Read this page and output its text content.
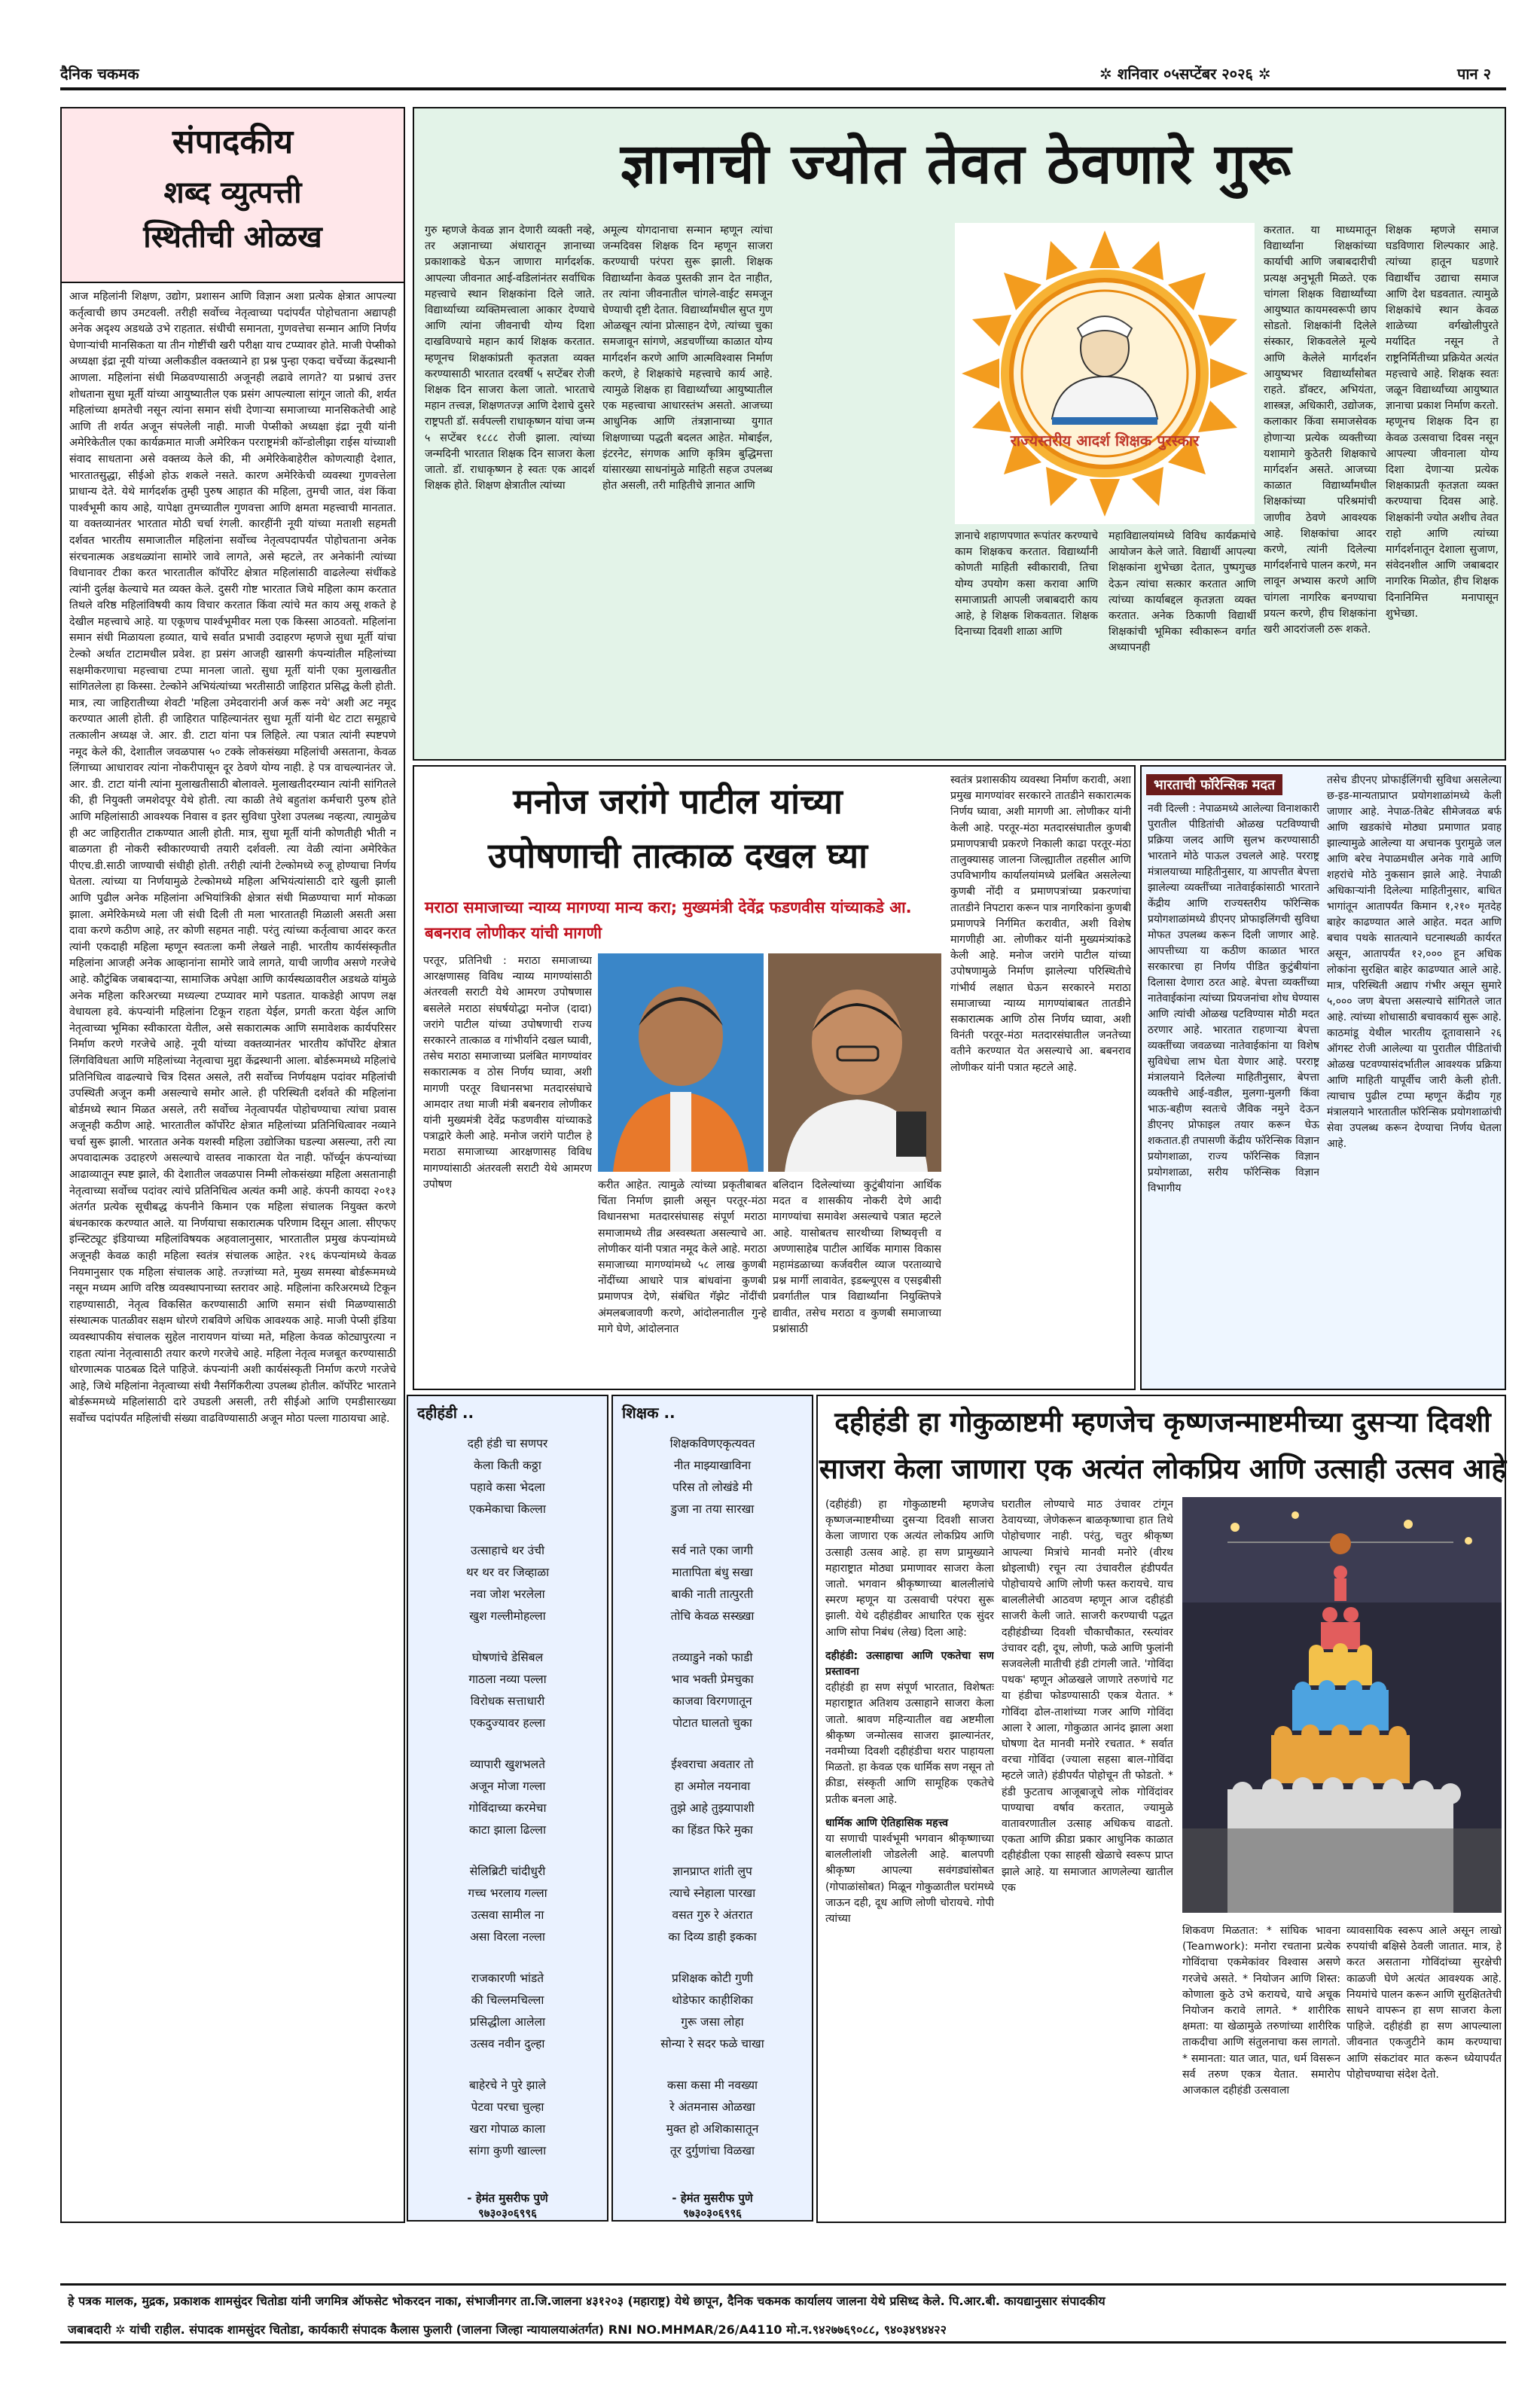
दैनिक चकमक	✲ शनिवार ०५सप्टेंबर २०२६ ✲	पान २
संपादकीय
शब्द व्युत्पत्ती
स्थितीची ओळख

आज महिलांनी शिक्षण, उद्योग, प्रशासन आणि विज्ञान अशा प्रत्येक क्षेत्रात आपल्या कर्तृत्वाची छाप उमटवली. तरीही सर्वोच्च नेतृत्वाच्या पदांपर्यंत पोहोचताना अद्यापही अनेक अदृश्य अडथळे उभे राहतात. संधीची समानता, गुणवत्तेचा सन्मान आणि निर्णय घेणाऱ्यांची मानसिकता या तीन गोष्टींची खरी परीक्षा याच टप्प्यावर होते. माजी पेप्सीको अध्यक्षा इंद्रा नूयी यांच्या अलीकडील वक्तव्याने हा प्रश्न पुन्हा एकदा चर्चेच्या केंद्रस्थानी आणला. महिलांना संधी मिळवण्यासाठी अजूनही लढावे लागते? या प्रश्नाचं उत्तर शोधताना सुधा मूर्ती यांच्या आयुष्यातील एक प्रसंग आपल्याला सांगून जातो की, शर्यत महिलांच्या क्षमतेची नसून त्यांना समान संधी देणाऱ्या समाजाच्या मानसिकतेची आहे आणि ती शर्यत अजून संपलेली नाही. माजी पेप्सीको अध्यक्षा इंद्रा नूयी यांनी अमेरिकेतील एका कार्यक्रमात माजी अमेरिकन परराष्ट्रमंत्री कॉन्डोलीझा राईस यांच्याशी संवाद साधताना असे वक्तव्य केले की, मी अमेरिकेबाहेरील कोणत्याही देशात, भारतातसुद्धा, सीईओ होऊ शकले नसते. कारण अमेरिकेची व्यवस्था गुणवत्तेला प्राधान्य देते. येथे मार्गदर्शक तुम्ही पुरुष आहात की महिला, तुमची जात, वंश किंवा पार्श्वभूमी काय आहे, यापेक्षा तुमच्यातील गुणवत्ता आणि क्षमता महत्त्वाची मानतात. या वक्तव्यानंतर भारतात मोठी चर्चा रंगली. कारहींनी नूयी यांच्या मताशी सहमती दर्शवत भारतीय समाजातील महिलांना सर्वोच्च नेतृत्वपदापर्यंत पोहोचताना अनेक संरचनात्मक अडथळ्यांना सामोरे जावे लागते, असे म्हटले, तर अनेकांनी त्यांच्या विधानावर टीका करत भारतातील कॉर्पोरेट क्षेत्रात महिलांसाठी वाढलेल्या संधींकडे त्यांनी दुर्लक्ष केल्याचे मत व्यक्त केले. दुसरी गोष्ट भारतात जिथे महिला काम करतात तिथले वरिष्ठ महिलांविषयी काय विचार करतात किंवा त्यांचे मत काय असू शकते हे देखील महत्त्वाचे आहे. या एकूणच पार्श्वभूमीवर मला एक किस्सा आठवतो. महिलांना समान संधी मिळायला हव्यात, याचे सर्वात प्रभावी उदाहरण म्हणजे सुधा मूर्ती यांचा टेल्को अर्थात टाटामधील प्रवेश. हा प्रसंग आजही खासगी कंपन्यांतील महिलांच्या सक्षमीकरणाचा महत्त्वाचा टप्पा मानला जातो. सुधा मूर्ती यांनी एका मुलाखतीत सांगितलेला हा किस्सा. टेल्कोने अभियंत्यांच्या भरतीसाठी जाहिरात प्रसिद्ध केली होती. मात्र, त्या जाहिरातीच्या शेवटी 'महिला उमेदवारांनी अर्ज करू नये' अशी अट नमूद करण्यात आली होती. ही जाहिरात पाहिल्यानंतर सुधा मूर्ती यांनी थेट टाटा समूहाचे तत्कालीन अध्यक्ष जे. आर. डी. टाटा यांना पत्र लिहिले. त्या पत्रात त्यांनी स्पष्टपणे नमूद केले की, देशातील जवळपास ५० टक्के लोकसंख्या महिलांची असताना, केवळ लिंगाच्या आधारावर त्यांना नोकरीपासून दूर ठेवणे योग्य नाही. हे पत्र वाचल्यानंतर जे. आर. डी. टाटा यांनी त्यांना मुलाखतीसाठी बोलावले. मुलाखतीदरम्यान त्यांनी सांगितले की, ही नियुक्ती जमशेदपूर येथे होती. त्या काळी तेथे बहुतांश कर्मचारी पुरुष होते आणि महिलांसाठी आवश्यक निवास व इतर सुविधा पुरेशा उपलब्ध नव्हत्या, त्यामुळेच ही अट जाहिरातीत टाकण्यात आली होती. मात्र, सुधा मूर्ती यांनी कोणतीही भीती न बाळगता ही नोकरी स्वीकारण्याची तयारी दर्शवली. त्या वेळी त्यांना अमेरिकेत पीएच.डी.साठी जाण्याची संधीही होती. तरीही त्यांनी टेल्कोमध्ये रुजू होण्याचा निर्णय घेतला. त्यांच्या या निर्णयामुळे टेल्कोमध्ये महिला अभियंत्यांसाठी दारे खुली झाली आणि पुढील अनेक महिलांना अभियांत्रिकी क्षेत्रात संधी मिळण्याचा मार्ग मोकळा झाला. अमेरिकेमध्ये मला जी संधी दिली ती मला भारतातही मिळाली असती असा दावा करणे कठीण आहे, तर कोणी सहमत नाही. परंतु त्यांच्या कर्तृत्वाचा आदर करत त्यांनी एकदाही महिला म्हणून स्वतःला कमी लेखले नाही. भारतीय कार्यसंस्कृतीत महिलांना आजही अनेक आव्हानांना सामोरे जावे लागते, याची जाणीव असणे गरजेचे आहे. कौटुंबिक जबाबदाऱ्या, सामाजिक अपेक्षा आणि कार्यस्थळावरील अडथळे यांमुळे अनेक महिला करिअरच्या मध्यल्या टप्प्यावर मागे पडतात. याकडेही आपण लक्ष वेधायला हवे. कंपन्यांनी महिलांना टिकून राहता येईल, प्रगती करता येईल आणि नेतृत्वाच्या भूमिका स्वीकारता येतील, असे सकारात्मक आणि समावेशक कार्यपरिसर निर्माण करणे गरजेचे आहे. नूयी यांच्या वक्तव्यानंतर भारतीय कॉर्पोरेट क्षेत्रात लिंगविविधता आणि महिलांच्या नेतृत्वाचा मुद्दा केंद्रस्थानी आला. बोर्डरूममध्ये महिलांचे प्रतिनिधित्व वाढल्याचे चित्र दिसत असले, तरी सर्वोच्च निर्णयक्षम पदांवर महिलांची उपस्थिती अजून कमी असल्याचे समोर आले. ही परिस्थिती दर्शवते की महिलांना बोर्डमध्ये स्थान मिळत असले, तरी सर्वोच्च नेतृत्वापर्यंत पोहोचण्याचा त्यांचा प्रवास अजूनही कठीण आहे. भारतातील कॉर्पोरेट क्षेत्रात महिलांच्या प्रतिनिधित्वावर नव्याने चर्चा सुरू झाली. भारतात अनेक यशस्वी महिला उद्योजिका घडल्या असल्या, तरी त्या अपवादात्मक उदाहरणे असल्याचे वास्तव नाकारता येत नाही. फॉर्च्यून कंपन्यांच्या आढाव्यातून स्पष्ट झाले, की देशातील जवळपास निम्मी लोकसंख्या महिला असतानाही नेतृत्वाच्या सर्वोच्च पदांवर त्यांचे प्रतिनिधित्व अत्यंत कमी आहे. कंपनी कायदा २०१३ अंतर्गत प्रत्येक सूचीबद्ध कंपनीने किमान एक महिला संचालक नियुक्त करणे बंधनकारक करण्यात आले. या निर्णयाचा सकारात्मक परिणाम दिसून आला. सीएफए इन्स्टिट्यूट इंडियाच्या महिलांविषयक अहवालानुसार, भारतातील प्रमुख कंपन्यांमध्ये अजूनही केवळ काही महिला स्वतंत्र संचालक आहेत. २१६ कंपन्यांमध्ये केवळ नियमानुसार एक महिला संचालक आहे. तज्ज्ञांच्या मते, मुख्य समस्या बोर्डरूममध्ये नसून मध्यम आणि वरिष्ठ व्यवस्थापनाच्या स्तरावर आहे. महिलांना करिअरमध्ये टिकून राहण्यासाठी, नेतृत्व विकसित करण्यासाठी आणि समान संधी मिळण्यासाठी संस्थात्मक पातळीवर सक्षम धोरणे राबविणे अधिक आवश्यक आहे. माजी पेप्सी इंडिया व्यवस्थापकीय संचालक सुहेल नारायणन यांच्या मते, महिला केवळ कोट्यापुरत्या न राहता त्यांना नेतृत्वासाठी तयार करणे गरजेचे आहे. महिला नेतृत्व मजबूत करण्यासाठी धोरणात्मक पाठबळ दिले पाहिजे. कंपन्यांनी अशी कार्यसंस्कृती निर्माण करणे गरजेचे आहे, जिथे महिलांना नेतृत्वाच्या संधी नैसर्गिकरीत्या उपलब्ध होतील. कॉर्पोरेट भारताने बोर्डरूममध्ये महिलांसाठी दारे उघडली असली, तरी सीईओ आणि एमडीसारख्या सर्वोच्च पदांपर्यंत महिलांची संख्या वाढविण्यासाठी अजून मोठा पल्ला गाठायचा आहे.

ज्ञानाची ज्योत तेवत ठेवणारे गुरू

गुरु म्हणजे केवळ ज्ञान देणारी व्यक्ती नव्हे, तर अज्ञानाच्या अंधारातून ज्ञानाच्या प्रकाशाकडे घेऊन जाणारा मार्गदर्शक. आपल्या जीवनात आई-वडिलांनंतर सर्वाधिक महत्त्वाचे स्थान शिक्षकांना दिले जाते. विद्यार्थ्याच्या व्यक्तिमत्त्वाला आकार देण्याचे आणि त्यांना जीवनाची योग्य दिशा दाखविण्याचे महान कार्य शिक्षक करतात. म्हणूनच शिक्षकांप्रती कृतज्ञता व्यक्त करण्यासाठी भारतात दरवर्षी ५ सप्टेंबर रोजी शिक्षक दिन साजरा केला जातो. भारताचे महान तत्त्वज्ञ, शिक्षणतज्ज्ञ आणि देशाचे दुसरे राष्ट्रपती डॉ. सर्वपल्ली राधाकृष्णन यांचा जन्म ५ सप्टेंबर १८८८ रोजी झाला. त्यांच्या जन्मदिनी भारतात शिक्षक दिन साजरा केला जातो. डॉ. राधाकृष्णन हे स्वतः एक आदर्श शिक्षक होते. शिक्षण क्षेत्रातील त्यांच्या

अमूल्य योगदानाचा सन्मान म्हणून त्यांचा जन्मदिवस शिक्षक दिन म्हणून साजरा करण्याची परंपरा सुरू झाली. शिक्षक विद्यार्थ्यांना केवळ पुस्तकी ज्ञान देत नाहीत, तर त्यांना जीवनातील चांगले-वाईट समजून घेण्याची दृष्टी देतात. विद्यार्थ्यांमधील सुप्त गुण ओळखून त्यांना प्रोत्साहन देणे, त्यांच्या चुका समजावून सांगणे, अडचणींच्या काळात योग्य मार्गदर्शन करणे आणि आत्मविश्वास निर्माण करणे, हे शिक्षकांचे महत्त्वाचे कार्य आहे. त्यामुळे शिक्षक हा विद्यार्थ्यांच्या आयुष्यातील एक महत्त्वाचा आधारस्तंभ असतो. आजच्या आधुनिक आणि तंत्रज्ञानाच्या युगात शिक्षणाच्या पद्धती बदलत आहेत. मोबाईल, इंटरनेट, संगणक आणि कृत्रिम बुद्धिमत्ता यांसारख्या साधनांमुळे माहिती सहज उपलब्ध होत असली, तरी माहितीचे ज्ञानात आणि

राज्यस्तरीय आदर्श शिक्षक पुरस्कार

ज्ञानाचे शहाणपणात रूपांतर करण्याचे काम शिक्षकच करतात. विद्यार्थ्यांनी कोणती माहिती स्वीकारावी, तिचा योग्य उपयोग कसा करावा आणि समाजाप्रती आपली जबाबदारी काय आहे, हे शिक्षक शिकवतात. शिक्षक दिनाच्या दिवशी शाळा आणि

महाविद्यालयांमध्ये विविध कार्यक्रमांचे आयोजन केले जाते. विद्यार्थी आपल्या शिक्षकांना शुभेच्छा देतात, पुष्पगुच्छ देऊन त्यांचा सत्कार करतात आणि त्यांच्या कार्याबद्दल कृतज्ञता व्यक्त करतात. अनेक ठिकाणी विद्यार्थी शिक्षकांची भूमिका स्वीकारून वर्गात अध्यापनही

करतात. या माध्यमातून विद्यार्थ्यांना शिक्षकांच्या कार्याची आणि जबाबदारीची प्रत्यक्ष अनुभूती मिळते. एक चांगला शिक्षक विद्यार्थ्यांच्या आयुष्यात कायमस्वरूपी छाप सोडतो. शिक्षकांनी दिलेले संस्कार, शिकवलेले मूल्ये आणि केलेले मार्गदर्शन आयुष्यभर विद्यार्थ्यांसोबत राहते. डॉक्टर, अभियंता, शास्त्रज्ञ, अधिकारी, उद्योजक, कलाकार किंवा समाजसेवक होणाऱ्या प्रत्येक व्यक्तीच्या यशामागे कुठेतरी शिक्षकाचे मार्गदर्शन असते. आजच्या काळात विद्यार्थ्यांमधील शिक्षकांच्या परिश्रमांची जाणीव ठेवणे आवश्यक आहे. शिक्षकांचा आदर करणे, त्यांनी दिलेल्या मार्गदर्शनाचे पालन करणे, मन लावून अभ्यास करणे आणि चांगला नागरिक बनण्याचा प्रयत्न करणे, हीच शिक्षकांना खरी आदरांजली ठरू शकते.

शिक्षक म्हणजे समाज घडविणारा शिल्पकार आहे. त्यांच्या हातून घडणारे विद्यार्थीच उद्याचा समाज आणि देश घडवतात. त्यामुळे शिक्षकांचे स्थान केवळ शाळेच्या वर्गखोलीपुरते मर्यादित नसून ते राष्ट्रनिर्मितीच्या प्रक्रियेत अत्यंत महत्त्वाचे आहे. शिक्षक स्वतः जळून विद्यार्थ्यांच्या आयुष्यात ज्ञानाचा प्रकाश निर्माण करतो. म्हणूनच शिक्षक दिन हा केवळ उत्सवाचा दिवस नसून आपल्या जीवनाला योग्य दिशा देणाऱ्या प्रत्येक शिक्षकाप्रती कृतज्ञता व्यक्त करण्याचा दिवस आहे. शिक्षकांनी ज्योत अशीच तेवत राहो आणि त्यांच्या मार्गदर्शनातून देशाला सुजाण, संवेदनशील आणि जबाबदार नागरिक मिळोत, हीच शिक्षक दिनानिमित्त मनापासून शुभेच्छा.

मनोज जरांगे पाटील यांच्या
उपोषणाची तात्काळ दखल घ्या
मराठा समाजाच्या न्याय्य मागण्या मान्य करा; मुख्यमंत्री देवेंद्र फडणवीस यांच्याकडे आ. बबनराव लोणीकर यांची मागणी

परतूर, प्रतिनिधी : मराठा समाजाच्या आरक्षणासह विविध न्याय्य मागण्यांसाठी अंतरवली सराटी येथे आमरण उपोषणास बसलेले मराठा संघर्षयोद्धा मनोज (दादा) जरांगे पाटील यांच्या उपोषणाची राज्य सरकारने तात्काळ व गांभीर्याने दखल घ्यावी, तसेच मराठा समाजाच्या प्रलंबित मागण्यांवर सकारात्मक व ठोस निर्णय घ्यावा, अशी मागणी परतूर विधानसभा मतदारसंघाचे आमदार तथा माजी मंत्री बबनराव लोणीकर यांनी मुख्यमंत्री देवेंद्र फडणवीस यांच्याकडे पत्राद्वारे केली आहे. मनोज जरांगे पाटील हे मराठा समाजाच्या आरक्षणासह विविध मागण्यांसाठी अंतरवली सराटी येथे आमरण उपोषण	करीत आहेत. त्यामुळे त्यांच्या प्रकृतीबाबत चिंता निर्माण झाली असून परतूर-मंठा विधानसभा मतदारसंघासह संपूर्ण मराठा समाजामध्ये तीव्र अस्वस्थता असल्याचे आ. लोणीकर यांनी पत्रात नमूद केले आहे. मराठा समाजाच्या मागण्यांमध्ये ५८ लाख कुणबी नोंदींच्या आधारे पात्र बांधवांना कुणबी प्रमाणपत्र देणे, संबंधित गॅझेट नोंदींची अंमलबजावणी करणे, आंदोलनातील गुन्हे मागे घेणे, आंदोलनात

बलिदान दिलेल्यांच्या कुटुंबीयांना आर्थिक मदत व शासकीय नोकरी देणे आदी मागण्यांचा समावेश असल्याचे पत्रात म्हटले आहे. यासोबतच सारथीच्या शिष्यवृत्ती व अण्णासाहेब पाटील आर्थिक मागास विकास महामंडळाच्या कर्जवरील व्याज परताव्याचे प्रश्न मार्गी लावावेत, इडब्ल्यूएस व एसइबीसी प्रवर्गातील पात्र विद्यार्थ्यांना नियुक्तिपत्रे द्यावीत, तसेच मराठा व कुणबी समाजाच्या प्रश्नांसाठी

स्वतंत्र प्रशासकीय व्यवस्था निर्माण करावी, अशा प्रमुख मागण्यांवर सरकारने तातडीने सकारात्मक निर्णय घ्यावा, अशी मागणी आ. लोणीकर यांनी केली आहे. परतूर-मंठा मतदारसंघातील कुणबी प्रमाणपत्राची प्रकरणे निकाली काढा परतूर-मंठा तालुक्यासह जालना जिल्ह्यातील तहसील आणि उपविभागीय कार्यालयांमध्ये प्रलंबित असलेल्या कुणबी नोंदी व प्रमाणपत्रांच्या प्रकरणांचा तातडीने निपटारा करून पात्र नागरिकांना कुणबी प्रमाणपत्रे निर्गमित करावीत, अशी विशेष मागणीही आ. लोणीकर यांनी मुख्यमंत्र्यांकडे केली आहे. मनोज जरांगे पाटील यांच्या उपोषणामुळे निर्माण झालेल्या परिस्थितीचे गांभीर्य लक्षात घेऊन सरकारने मराठा समाजाच्या न्याय्य मागण्यांबाबत तातडीने सकारात्मक आणि ठोस निर्णय घ्यावा, अशी विनंती परतूर-मंठा मतदारसंघातील जनतेच्या वतीने करण्यात येत असल्याचे आ. बबनराव लोणीकर यांनी पत्रात म्हटले आहे.

भारताची फॉरेन्सिक मदत

नवी दिल्ली : नेपाळमध्ये आलेल्या विनाशकारी पुरातील पीडितांची ओळख पटविण्याची प्रक्रिया जलद आणि सुलभ करण्यासाठी भारताने मोठे पाऊल उचलले आहे. परराष्ट्र मंत्रालयाच्या माहितीनुसार, या आपत्तीत बेपत्ता झालेल्या व्यक्तींच्या नातेवाईकांसाठी भारताने केंद्रीय आणि राज्यस्तरीय फॉरेन्सिक प्रयोगशाळांमध्ये डीएनए प्रोफाइलिंगची सुविधा मोफत उपलब्ध करून दिली जाणार आहे. आपत्तीच्या या कठीण काळात भारत सरकारचा हा निर्णय पीडित कुटुंबीयांना दिलासा देणारा ठरत आहे. बेपत्ता व्यक्तींच्या नातेवाईकांना त्यांच्या प्रियजनांचा शोध घेण्यास आणि त्यांची ओळख पटविण्यास मोठी मदत ठरणार आहे. भारतात राहणाऱ्या बेपत्ता व्यक्तींच्या जवळच्या नातेवाईकांना या विशेष सुविधेचा लाभ घेता येणार आहे. परराष्ट्र मंत्रालयाने दिलेल्या माहितीनुसार, बेपत्ता व्यक्तीचे आई-वडील, मुलगा-मुलगी किंवा भाऊ-बहीण स्वतःचे जैविक नमुने देऊन डीएनए प्रोफाइल तयार करून घेऊ शकतात.ही तपासणी केंद्रीय फॉरेन्सिक विज्ञान प्रयोगशाळा, राज्य फॉरेन्सिक विज्ञान प्रयोगशाळा, सरीय फॉरेन्सिक विज्ञान विभागीय

तसेच डीएनए प्रोफाईलिंगची सुविधा असलेल्या छ-इड-मान्यताप्राप्त प्रयोगशाळांमध्ये केली जाणार आहे. नेपाळ-तिबेट सीमेजवळ बर्फ आणि खडकांचे मोठ्या प्रमाणात प्रवाह झाल्यामुळे आलेल्या या अचानक पुरामुळे जल आणि बरेच नेपाळमधील अनेक गावे आणि शहरांचे मोठे नुकसान झाले आहे. नेपाळी अधिकाऱ्यांनी दिलेल्या माहितीनुसार, बाधित भागांतून आतापर्यंत किमान १,२१० मृतदेह बाहेर काढण्यात आले आहेत. मदत आणि बचाव पथके सातत्याने घटनास्थळी कार्यरत असून, आतापर्यंत १२,००० हून अधिक लोकांना सुरक्षित बाहेर काढण्यात आले आहे. मात्र, परिस्थिती अद्याप गंभीर असून सुमारे ५,००० जण बेपत्ता असल्याचे सांगितले जात आहे. त्यांच्या शोधासाठी बचावकार्य सुरू आहे. काठमांडू येथील भारतीय दूतावासाने २६ ऑगस्ट रोजी आलेल्या या पुरातील पीडितांची ओळख पटवण्यासंदर्भातील आवश्यक प्रक्रिया आणि माहिती यापूर्वीच जारी केली होती. त्याचाच पुढील टप्पा म्हणून केंद्रीय गृह मंत्रालयाने भारतातील फॉरेन्सिक प्रयोगशाळांची सेवा उपलब्ध करून देण्याचा निर्णय घेतला आहे.

दहीहंडी ..
दही हंडी चा सणपर
केला किती कठ्ठा
पहावे कसा भेदला
एकमेकाचा किल्ला
उत्साहाचे थर उंची
थर थर वर जिव्हाळा
नवा जोश भरलेला
खुश गल्लीमोहल्ला
घोषणांचे डेसिबल
गाठला नव्या पल्ला
विरोधक सत्ताधारी
एकदुज्यावर हल्ला
व्यापारी खुशभलते
अजून मोजा गल्ला
गोविंदाच्या करमेचा
काटा झाला ढिल्ला
सेलिब्रिटी चांदीधुरी
गच्च भरलाय गल्ला
उत्सवा सामील ना
असा विरला नल्ला
राजकारणी भांडते
की चिल्लमचिल्ला
प्रसिद्धीला आलेला
उत्सव नवीन दुल्हा
बाहेरचे ने पुरे झाले
पेटवा परचा चुल्हा
खरा गोपाळ काला
सांगा कुणी खाल्ला
- हेमंत मुसरीफ पुणे
९७३०३०६९९६
शिक्षक ..
शिक्षकविणएकृत्यवत
नीत माझ्याखाविना
परिस तो लोखंडे मी
डुजा ना तया सारखा
सर्व नाते एका जागी
मातापिता बंधु सखा
बाकी नाती तात्पुरती
तोचि केवळ सस्ख्खा
तव्याडुने नको फाडी
भाव भक्ती प्रेमचुका
काजवा विरगणातून
पोटात घालतो चुका
ईश्वराचा अवतार तो
हा अमोल नयनावा
तुझे आहे तुझ्यापाशी
का हिंडत फिरे मुका
ज्ञानप्राप्त शांती लुप
त्याचे स्नेहाला पारखा
वसत गुरु रे अंतरात
का दिव्य डाही इकका
प्रशिक्षक कोटी गुणी
थोडेफार काहीशिका
गुरू जसा लोहा
सोन्या रे सदर फळे चाखा
कसा कसा मी नवख्या
रे अंतमनास ओळखा
मुक्त हो अशिकासातून
तूर दुर्गुणांचा विळखा
- हेमंत मुसरीफ पुणे
९७३०३०६९९६
दहीहंडी हा गोकुळाष्टमी म्हणजेच कृष्णजन्माष्टमीच्या दुसऱ्या दिवशी
साजरा केला जाणारा एक अत्यंत लोकप्रिय आणि उत्साही उत्सव आहे

(दहीहंडी) हा गोकुळाष्टमी म्हणजेच कृष्णजन्माष्टमीच्या दुसऱ्या दिवशी साजरा केला जाणारा एक अत्यंत लोकप्रिय आणि उत्साही उत्सव आहे. हा सण प्रामुख्याने महाराष्ट्रात मोठ्या प्रमाणावर साजरा केला जातो. भगवान श्रीकृष्णाच्या बाललीलांचे स्मरण म्हणून या उत्सवाची परंपरा सुरू झाली. येथे दहीहंडीवर आधारित एक सुंदर आणि सोपा निबंध (लेख) दिला आहे:

दहीहंडी: उत्साहाचा आणि एकतेचा सण प्रस्तावना

दहीहंडी हा सण संपूर्ण भारतात, विशेषतः महाराष्ट्रात अतिशय उत्साहाने साजरा केला जातो. श्रावण महिन्यातील वद्य अष्टमीला श्रीकृष्ण जन्मोत्सव साजरा झाल्यानंतर, नवमीच्या दिवशी दहीहंडीचा थरार पाहायला मिळतो. हा केवळ एक धार्मिक सण नसून तो क्रीडा, संस्कृती आणि सामूहिक एकतेचे प्रतीक बनला आहे.

धार्मिक आणि ऐतिहासिक महत्त्व

या सणाची पार्श्वभूमी भगवान श्रीकृष्णाच्या बाललीलांशी जोडलेली आहे. बालपणी श्रीकृष्ण आपल्या सवंगड्यांसोबत (गोपाळांसोबत) मिळून गोकुळातील घरांमध्ये जाऊन दही, दूध आणि लोणी चोरायचे. गोपी त्यांच्या

घरातील लोण्याचे माठ उंचावर टांगून ठेवायच्या, जेणेकरून बाळकृष्णाचा हात तिथे पोहोचणार नाही. परंतु, चतुर श्रीकृष्ण आपल्या मित्रांचे मानवी मनोरे (वीरथ थ्रोइलाधी) रचून त्या उंचावरील हंडीपर्यंत पोहोचायचे आणि लोणी फस्त करायचे. याच बाललीलेची आठवण म्हणून आज दहीहंडी साजरी केली जाते. साजरी करण्याची पद्धत दहीहंडीच्या दिवशी चौकाचौकात, रस्त्यांवर उंचावर दही, दूध, लोणी, फळे आणि फुलांनी सजवलेली मातीची हंडी टांगली जाते. 'गोविंदा पथक' म्हणून ओळखले जाणारे तरुणांचे गट या हंडीचा फोडण्यासाठी एकत्र येतात. * गोविंदा ढोल-ताशांच्या गजर आणि गोविंदा आला रे आला, गोकुळात आनंद झाला अशा घोषणा देत मानवी मनोरे रचतात. * सर्वात वरचा गोविंदा (ज्याला सहसा बाल-गोविंदा म्हटले जाते) हंडीपर्यंत पोहोचून ती फोडतो. * हंडी फुटताच आजूबाजूचे लोक गोविंदांवर पाण्याचा वर्षाव करतात, ज्यामुळे वातावरणातील उत्साह अधिकच वाढतो. एकता आणि क्रीडा प्रकार आधुनिक काळात दहीहंडीला एका साहसी खेळाचे स्वरूप प्राप्त झाले आहे. या समाजात आणलेल्या खातील एक

शिकवण मिळतात: * सांघिक भावना (Teamwork): मनोरा रचताना प्रत्येक गोविंदाचा एकमेकांवर विश्वास असणे गरजेचे असते. * नियोजन आणि शिस्त: कोणाला कुठे उभे करायचे, याचे अचूक नियोजन करावे लागते. * शारीरिक क्षमता: या खेळामुळे तरुणांच्या शारीरिक ताकदीचा आणि संतुलनाचा कस लागतो. * समानता: यात जात, पात, धर्म विसरून सर्व तरुण एकत्र येतात. समारोप आजकाल दहीहंडी उत्सवाला

व्यावसायिक स्वरूप आले असून लाखो रुपयांची बक्षिसे ठेवली जातात. मात्र, हे करत असताना गोविंदांच्या सुरक्षेची काळजी घेणे अत्यंत आवश्यक आहे. नियमांचे पालन करून आणि सुरक्षिततेची साधने वापरून हा सण साजरा केला पाहिजे. दहीहंडी हा सण आपल्याला जीवनात एकजुटीने काम करण्याचा आणि संकटांवर मात करून ध्येयापर्यंत पोहोचण्याचा संदेश देतो.

हे पत्रक मालक, मुद्रक, प्रकाशक शामसुंदर चितोडा यांनी जगमित्र ऑफसेट भोकरदन नाका, संभाजीनगर ता.जि.जालना ४३१२०३ (महाराष्ट्र) येथे छापून, दैनिक चकमक कार्यालय जालना येथे प्रसिध्द केले. पि.आर.बी. कायद्यानुसार संपादकीय

जबाबदारी ✲ यांची राहील. संपादक शामसुंदर चितोडा, कार्यकारी संपादक कैलास फुलारी (जालना जिल्हा न्यायालयाअंतर्गत) RNI NO.MHMAR/26/A4110 मो.न.९४२७७६९०८८, ९४०३४९४४२२
